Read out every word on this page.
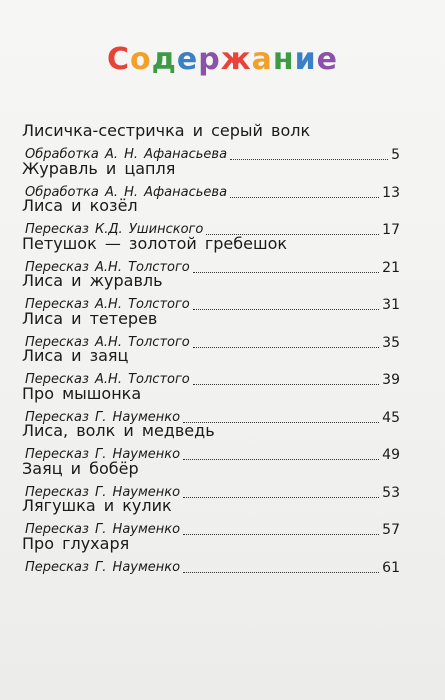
Содержание
Лисичка-сестричка и серый волк
Обработка А. Н. Афанасьева	5
Журавль и цапля
Обработка А. Н. Афанасьева	13
Лиса и козёл
Пересказ К.Д. Ушинского	17
Петушок — золотой гребешок
Пересказ А.Н. Толстого	21
Лиса и журавль
Пересказ А.Н. Толстого	31
Лиса и тетерев
Пересказ А.Н. Толстого	35
Лиса и заяц
Пересказ А.Н. Толстого	39
Про мышонка
Пересказ Г. Науменко	45
Лиса, волк и медведь
Пересказ Г. Науменко	49
Заяц и бобёр
Пересказ Г. Науменко	53
Лягушка и кулик
Пересказ Г. Науменко	57
Про глухаря
Пересказ Г. Науменко	61
